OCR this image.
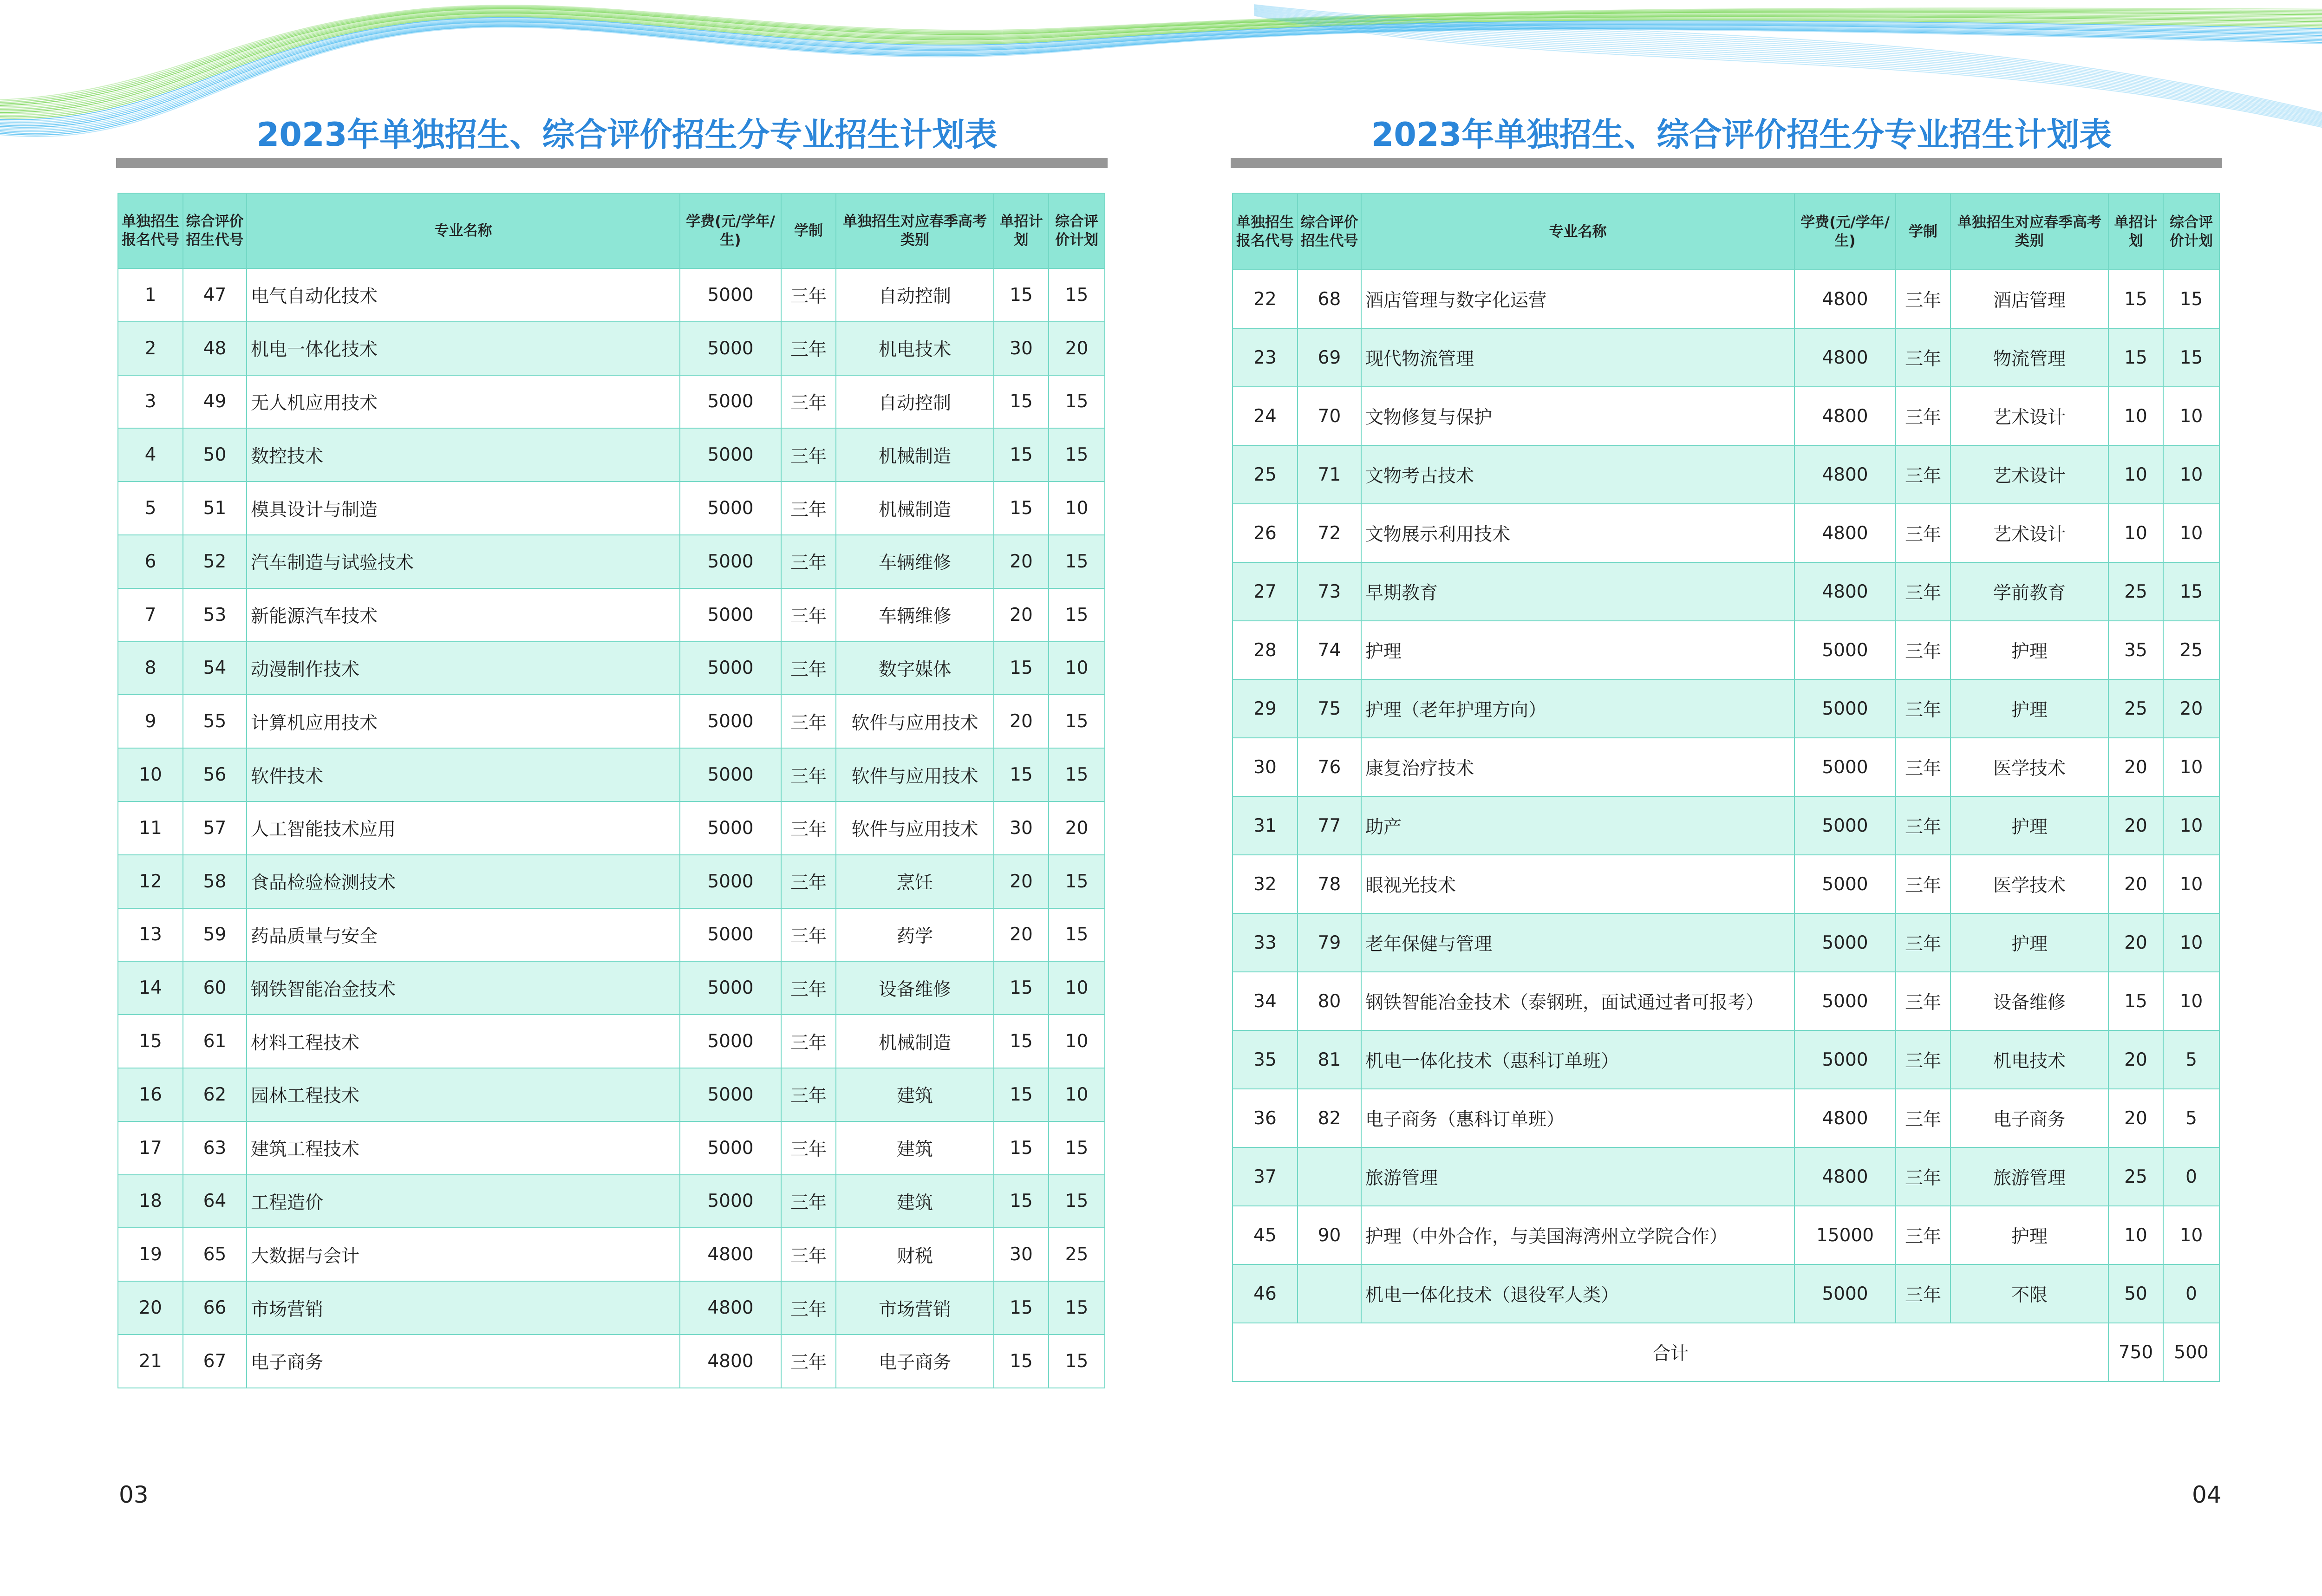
2023年单独招生、综合评价招生分专业招生计划表
单独招生报名代号	综合评价招生代号	专业名称	学费(元/学年/生)	学制	单独招生对应春季高考类别	单招计划	综合评价计划
1	47	电气自动化技术	5000	三年	自动控制	15	15
2	48	机电一体化技术	5000	三年	机电技术	30	20
3	49	无人机应用技术	5000	三年	自动控制	15	15
4	50	数控技术	5000	三年	机械制造	15	15
5	51	模具设计与制造	5000	三年	机械制造	15	10
6	52	汽车制造与试验技术	5000	三年	车辆维修	20	15
7	53	新能源汽车技术	5000	三年	车辆维修	20	15
8	54	动漫制作技术	5000	三年	数字媒体	15	10
9	55	计算机应用技术	5000	三年	软件与应用技术	20	15
10	56	软件技术	5000	三年	软件与应用技术	15	15
11	57	人工智能技术应用	5000	三年	软件与应用技术	30	20
12	58	食品检验检测技术	5000	三年	烹饪	20	15
13	59	药品质量与安全	5000	三年	药学	20	15
14	60	钢铁智能冶金技术	5000	三年	设备维修	15	10
15	61	材料工程技术	5000	三年	机械制造	15	10
16	62	园林工程技术	5000	三年	建筑	15	10
17	63	建筑工程技术	5000	三年	建筑	15	15
18	64	工程造价	5000	三年	建筑	15	15
19	65	大数据与会计	4800	三年	财税	30	25
20	66	市场营销	4800	三年	市场营销	15	15
21	67	电子商务	4800	三年	电子商务	15	15
03
2023年单独招生、综合评价招生分专业招生计划表
单独招生报名代号	综合评价招生代号	专业名称	学费(元/学年/生)	学制	单独招生对应春季高考类别	单招计划	综合评价计划
22	68	酒店管理与数字化运营	4800	三年	酒店管理	15	15
23	69	现代物流管理	4800	三年	物流管理	15	15
24	70	文物修复与保护	4800	三年	艺术设计	10	10
25	71	文物考古技术	4800	三年	艺术设计	10	10
26	72	文物展示利用技术	4800	三年	艺术设计	10	10
27	73	早期教育	4800	三年	学前教育	25	15
28	74	护理	5000	三年	护理	35	25
29	75	护理（老年护理方向）	5000	三年	护理	25	20
30	76	康复治疗技术	5000	三年	医学技术	20	10
31	77	助产	5000	三年	护理	20	10
32	78	眼视光技术	5000	三年	医学技术	20	10
33	79	老年保健与管理	5000	三年	护理	20	10
34	80	钢铁智能冶金技术（泰钢班，面试通过者可报考）	5000	三年	设备维修	15	10
35	81	机电一体化技术（惠科订单班）	5000	三年	机电技术	20	5
36	82	电子商务（惠科订单班）	4800	三年	电子商务	20	5
37		旅游管理	4800	三年	旅游管理	25	0
45	90	护理（中外合作，与美国海湾州立学院合作）	15000	三年	护理	10	10
46		机电一体化技术（退役军人类）	5000	三年	不限	50	0
合计						750	500
04
